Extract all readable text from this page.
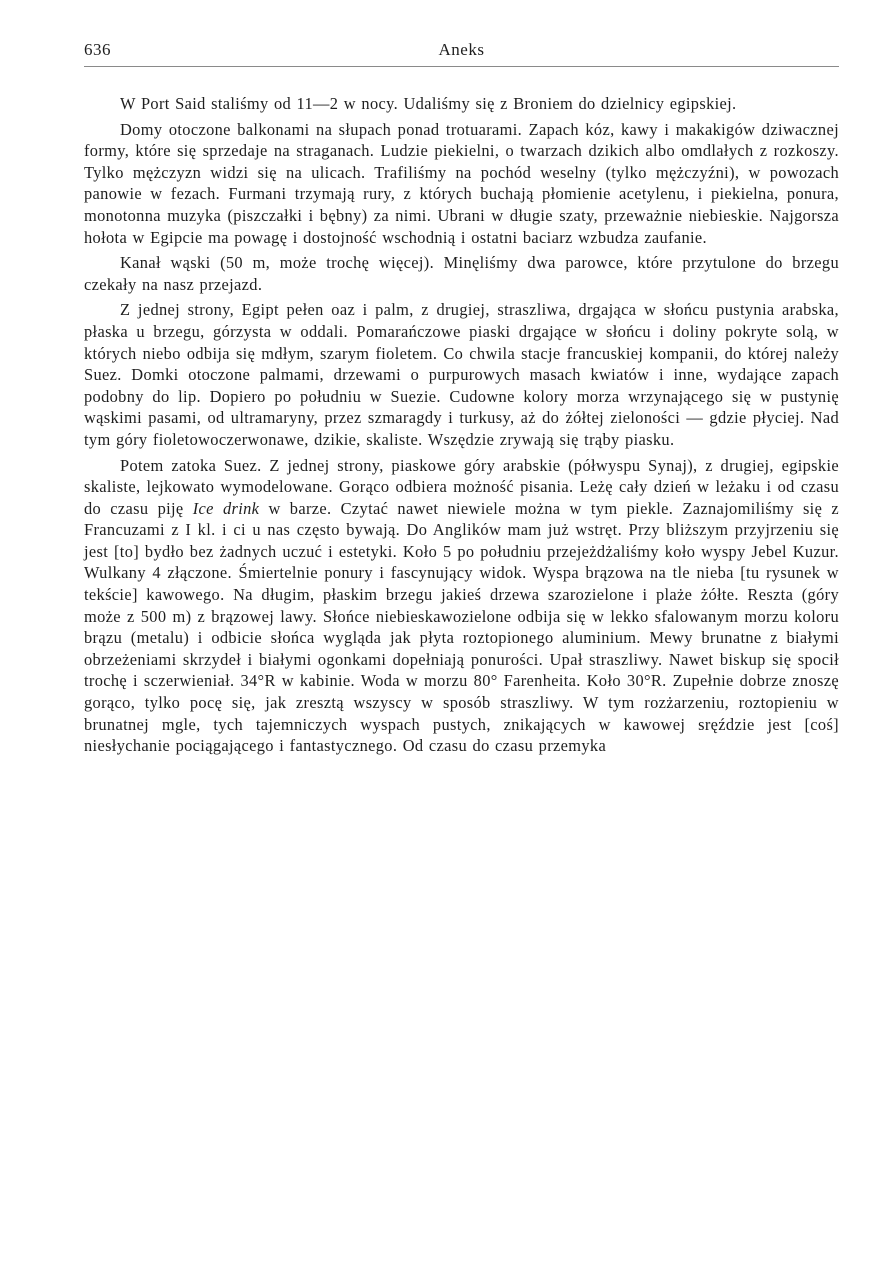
636	Aneks

W Port Said staliśmy od 11—2 w nocy. Udaliśmy się z Broniem do dzielnicy egipskiej.

Domy otoczone balkonami na słupach ponad trotuarami. Zapach kóz, kawy i makakigów dziwacznej formy, które się sprzedaje na straganach. Ludzie piekielni, o twarzach dzikich albo omdlałych z rozkoszy. Tylko mężczyzn widzi się na ulicach. Trafiliśmy na pochód weselny (tylko mężczyźni), w powozach panowie w fezach. Furmani trzymają rury, z których buchają płomienie acetylenu, i piekielna, ponura, monotonna muzyka (piszczałki i bębny) za nimi. Ubrani w długie szaty, przeważnie niebieskie. Najgorsza hołota w Egipcie ma powagę i dostojność wschodnią i ostatni baciarz wzbudza zaufanie.

Kanał wąski (50 m, może trochę więcej). Minęliśmy dwa parowce, które przytulone do brzegu czekały na nasz przejazd.

Z jednej strony, Egipt pełen oaz i palm, z drugiej, straszliwa, drgająca w słońcu pustynia arabska, płaska u brzegu, górzysta w oddali. Pomarańczowe piaski drgające w słońcu i doliny pokryte solą, w których niebo odbija się mdłym, szarym fioletem. Co chwila stacje francuskiej kompanii, do której należy Suez. Domki otoczone palmami, drzewami o purpurowych masach kwiatów i inne, wydające zapach podobny do lip. Dopiero po południu w Suezie. Cudowne kolory morza wrzynającego się w pustynię wąskimi pasami, od ultramaryny, przez szmaragdy i turkusy, aż do żółtej zieloności — gdzie płyciej. Nad tym góry fioletowoczerwonawe, dzikie, skaliste. Wszędzie zrywają się trąby piasku.

Potem zatoka Suez. Z jednej strony, piaskowe góry arabskie (półwyspu Synaj), z drugiej, egipskie skaliste, lejkowato wymodelowane. Gorąco odbiera możność pisania. Leżę cały dzień w leżaku i od czasu do czasu piję Ice drink w barze. Czytać nawet niewiele można w tym piekle. Zaznajomiliśmy się z Francuzami z I kl. i ci u nas często bywają. Do Anglików mam już wstręt. Przy bliższym przyjrzeniu się jest [to] bydło bez żadnych uczuć i estetyki. Koło 5 po południu przejeżdżaliśmy koło wyspy Jebel Kuzur. Wulkany 4 złączone. Śmiertelnie ponury i fascynujący widok. Wyspa brązowa na tle nieba [tu rysunek w tekście] kawowego. Na długim, płaskim brzegu jakieś drzewa szarozielone i plaże żółte. Reszta (góry może z 500 m) z brązowej lawy. Słońce niebieskawozielone odbija się w lekko sfalowanym morzu koloru brązu (metalu) i odbicie słońca wygląda jak płyta roztopionego aluminium. Mewy brunatne z białymi obrzeżeniami skrzydeł i białymi ogonkami dopełniają ponurości. Upał straszliwy. Nawet biskup się spocił trochę i sczerwieniał. 34°R w kabinie. Woda w morzu 80° Farenheita. Koło 30°R. Zupełnie dobrze znoszę gorąco, tylko pocę się, jak zresztą wszyscy w sposób straszliwy. W tym rozżarzeniu, roztopieniu w brunatnej mgle, tych tajemniczych wyspach pustych, znikających w kawowej sręździe jest [coś] niesłychanie pociągającego i fantastycznego. Od czasu do czasu przemyka
